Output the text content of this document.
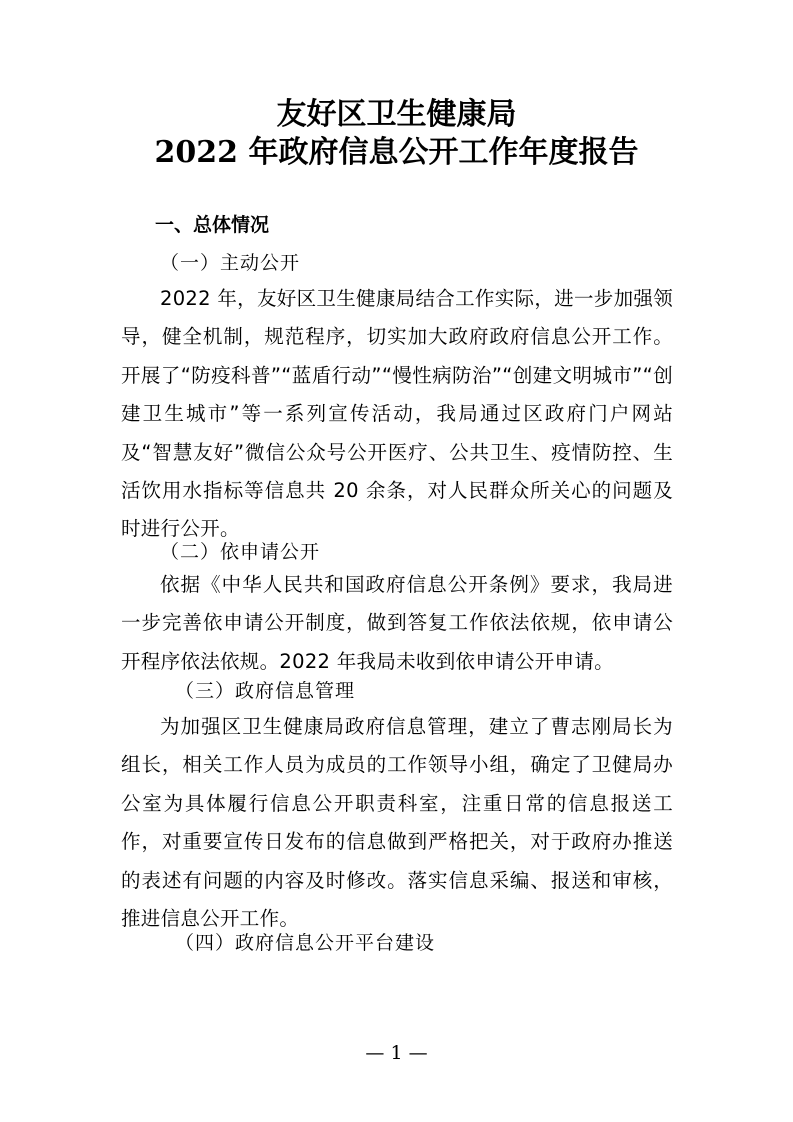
友好区卫生健康局
2022 年政府信息公开工作年度报告
一、总体情况
（一）主动公开

2022 年，友好区卫生健康局结合工作实际，进一步加强领导，健全机制，规范程序，切实加大政府政府信息公开工作。开展了“防疫科普”“蓝盾行动”“慢性病防治”“创建文明城市”“创建卫生城市”等一系列宣传活动，我局通过区政府门户网站及“智慧友好”微信公众号公开医疗、公共卫生、疫情防控、生活饮用水指标等信息共 20 余条，对人民群众所关心的问题及时进行公开。

（二）依申请公开

依据《中华人民共和国政府信息公开条例》要求，我局进一步完善依申请公开制度，做到答复工作依法依规，依申请公开程序依法依规。2022 年我局未收到依申请公开申请。

（三）政府信息管理

为加强区卫生健康局政府信息管理，建立了曹志刚局长为组长，相关工作人员为成员的工作领导小组，确定了卫健局办公室为具体履行信息公开职责科室，注重日常的信息报送工作，对重要宣传日发布的信息做到严格把关，对于政府办推送的表述有问题的内容及时修改。落实信息采编、报送和审核，推进信息公开工作。

（四）政府信息公开平台建设
— 1 —
